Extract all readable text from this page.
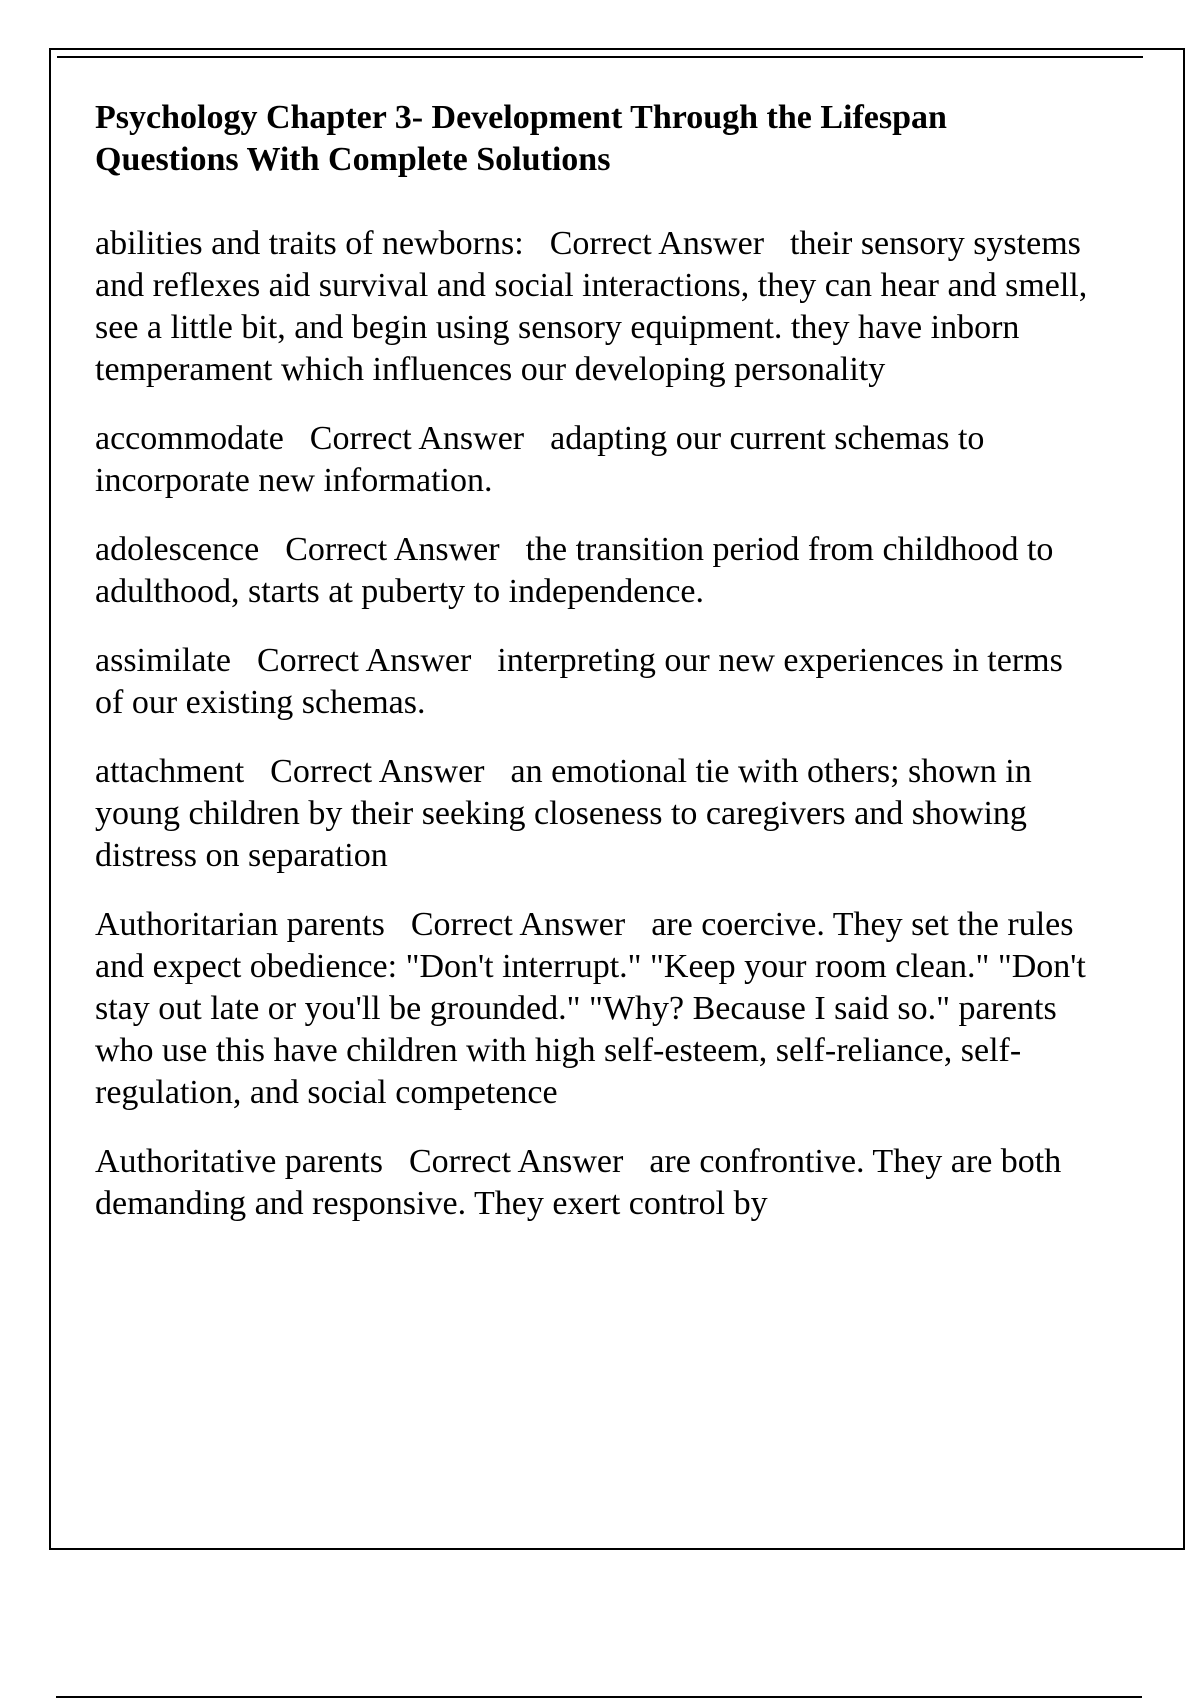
Psychology Chapter 3- Development Through the Lifespan
Questions With Complete Solutions

abilities and traits of newborns: Correct Answer their sensory systems and reflexes aid survival and social interactions, they can hear and smell, see a little bit, and begin using sensory equipment. they have inborn temperament which influences our developing personality

accommodate Correct Answer adapting our current schemas to incorporate new information.

adolescence Correct Answer the transition period from childhood to adulthood, starts at puberty to independence.

assimilate Correct Answer interpreting our new experiences in terms of our existing schemas.

attachment Correct Answer an emotional tie with others; shown in young children by their seeking closeness to caregivers and showing distress on separation

Authoritarian parents Correct Answer are coercive. They set the rules and expect obedience: "Don't interrupt." "Keep your room clean." "Don't stay out late or you'll be grounded." "Why? Because I said so." parents who use this have children with high self-esteem, self-reliance, self-regulation, and social competence

Authoritative parents Correct Answer are confrontive. They are both demanding and responsive. They exert control by
